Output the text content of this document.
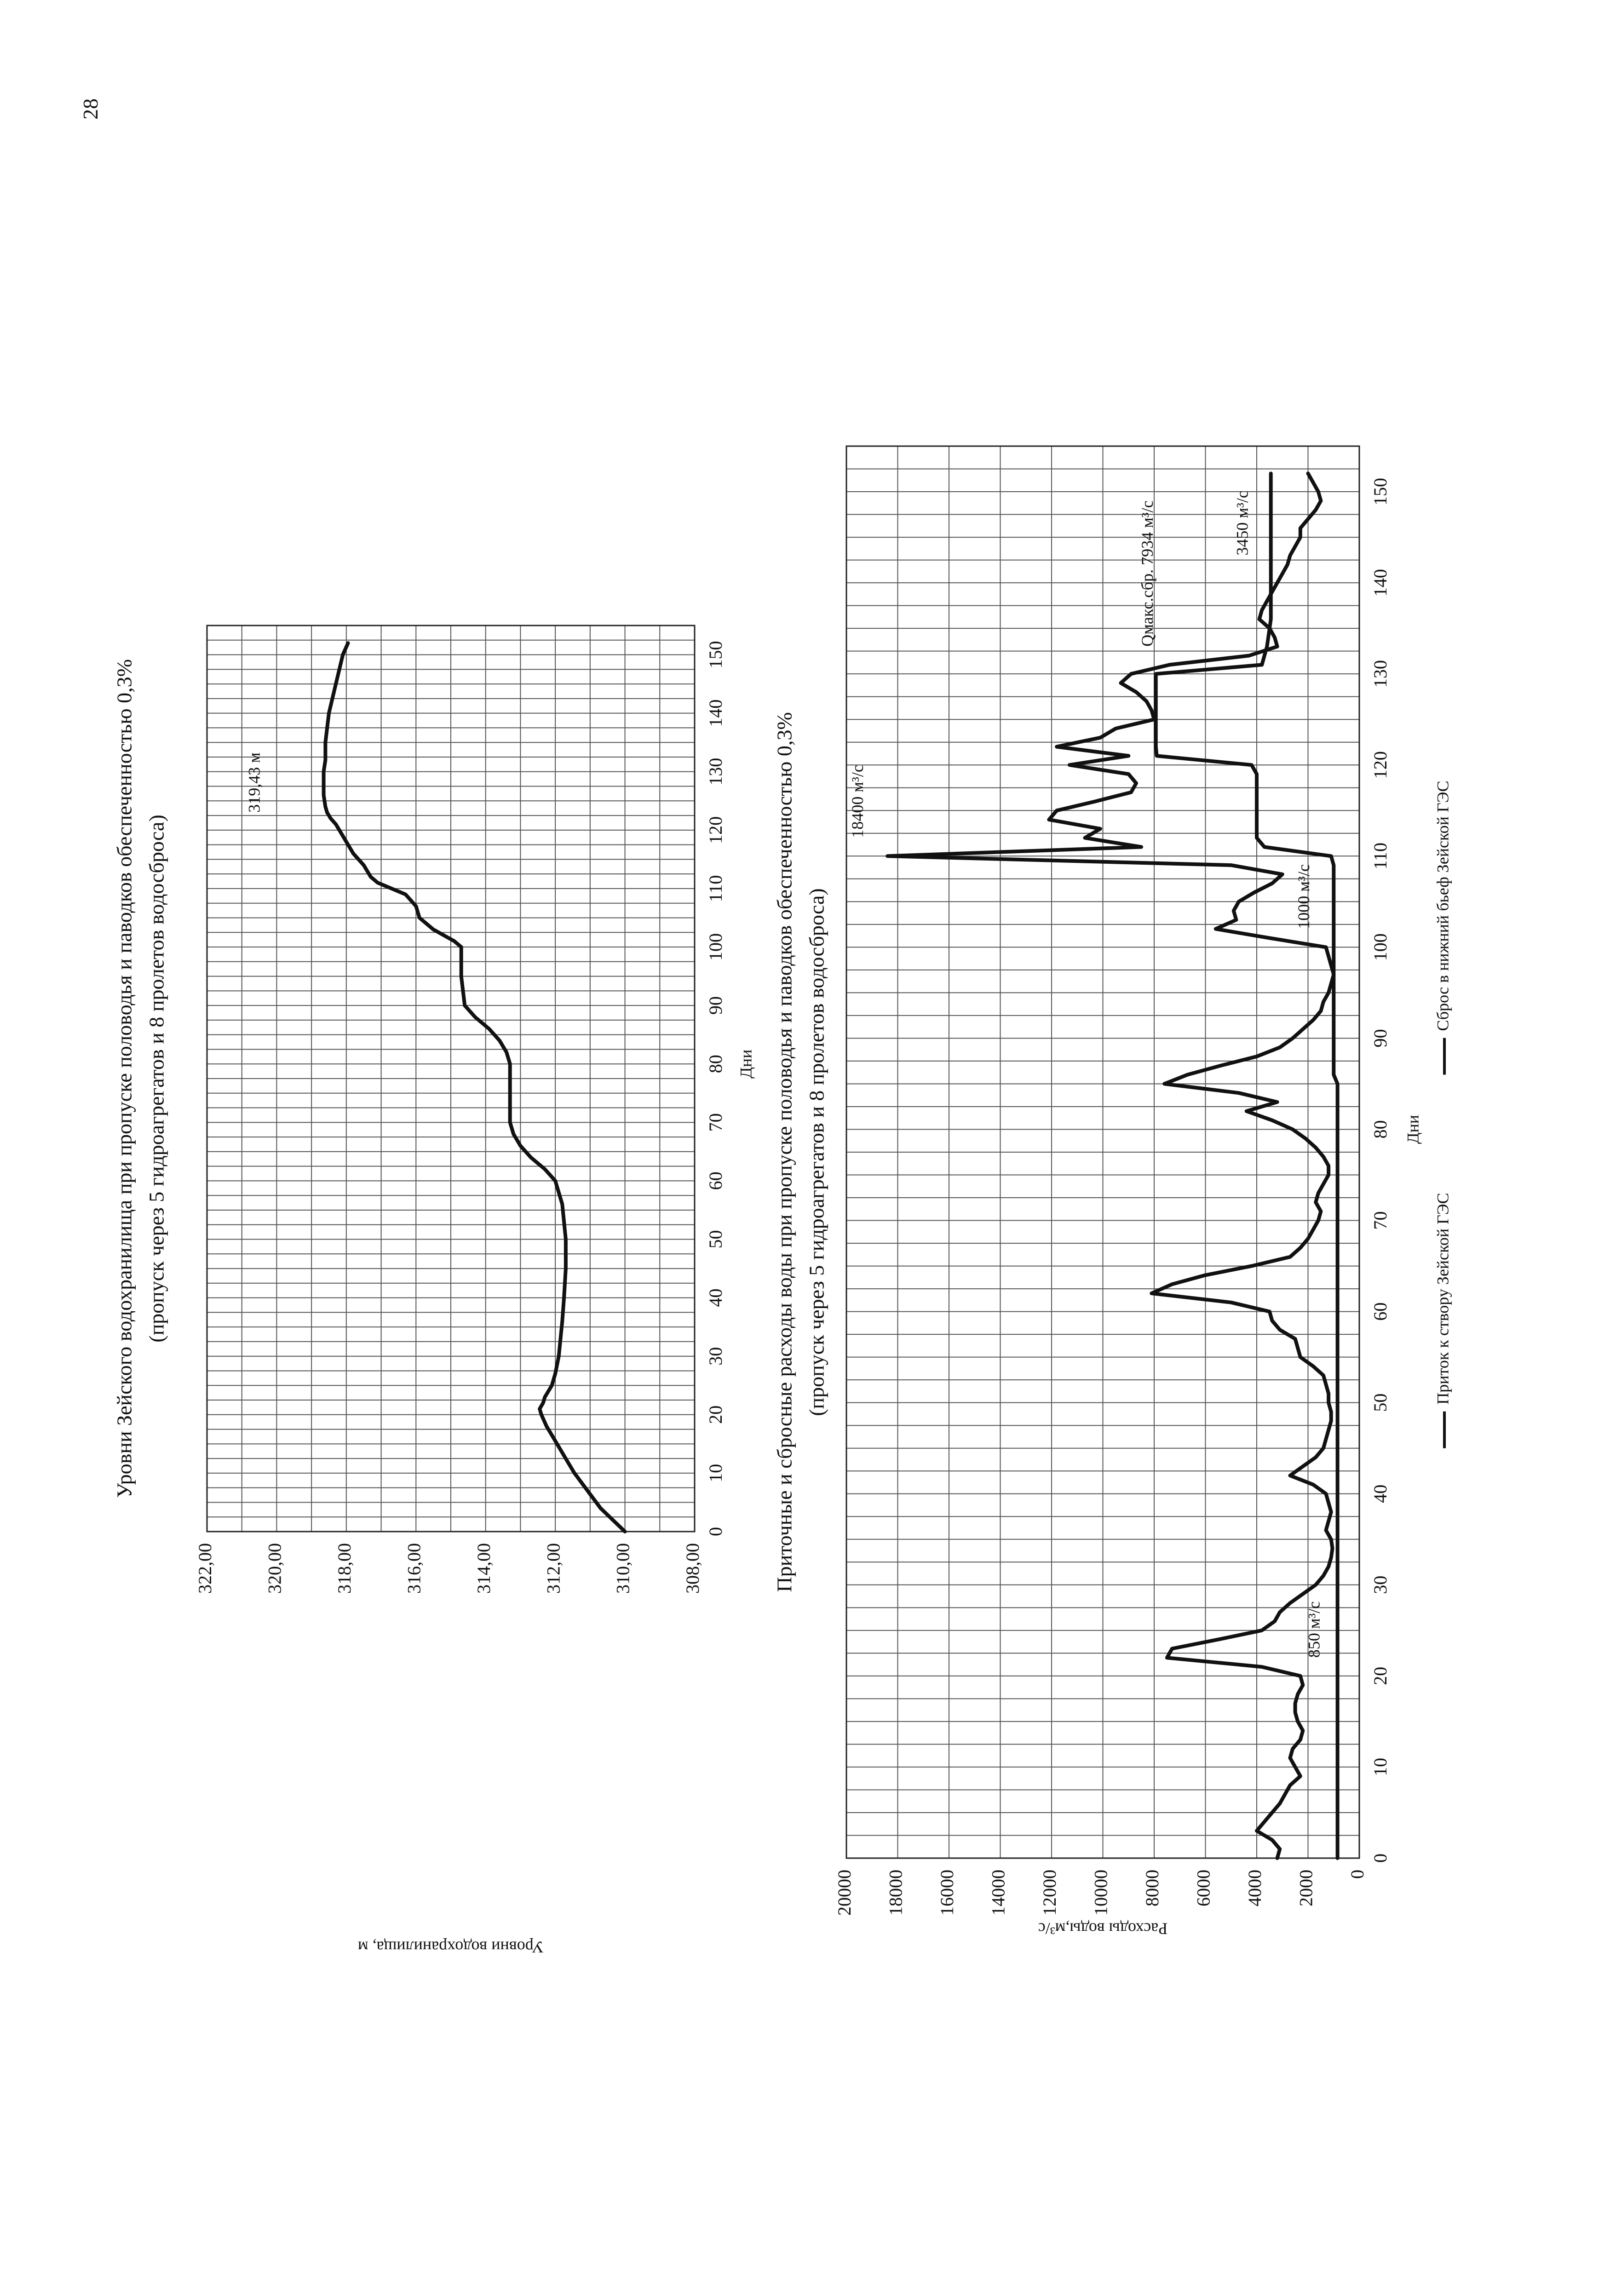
28
0
10
20
30
40
50
60
70
80
90
100
110
120
130
140
150
308,00
310,00
312,00
314,00
316,00
318,00
320,00
322,00
Уровни Зейского водохранилища при пропуске половодья и паводков обеспеченностью 0,3% (пропуск через 5 гидроагрегатов и 8 пролетов водосброса)	Дни
Уровни водохранилища, м
319,43 м
0
10
20
30
40
50
60
70
80
90
100
110
120
130
140
150
0
2000
4000
6000
8000
10000
12000
14000
16000
18000
20000
Приточные и сбросные расходы воды при пропуске половодья и паводков обеспеченностью 0,3% (пропуск через 5 гидроагрегатов и 8 пролетов водосброса)	Дни
Расходы воды,м³/с
850 м³/с
18400 м³/с
1000 м³/с
Qмакс.сбр. 7934 м³/с	3450 м³/с
Приток к створу Зейской ГЭС
Сброс в нижний бьеф Зейской ГЭС
